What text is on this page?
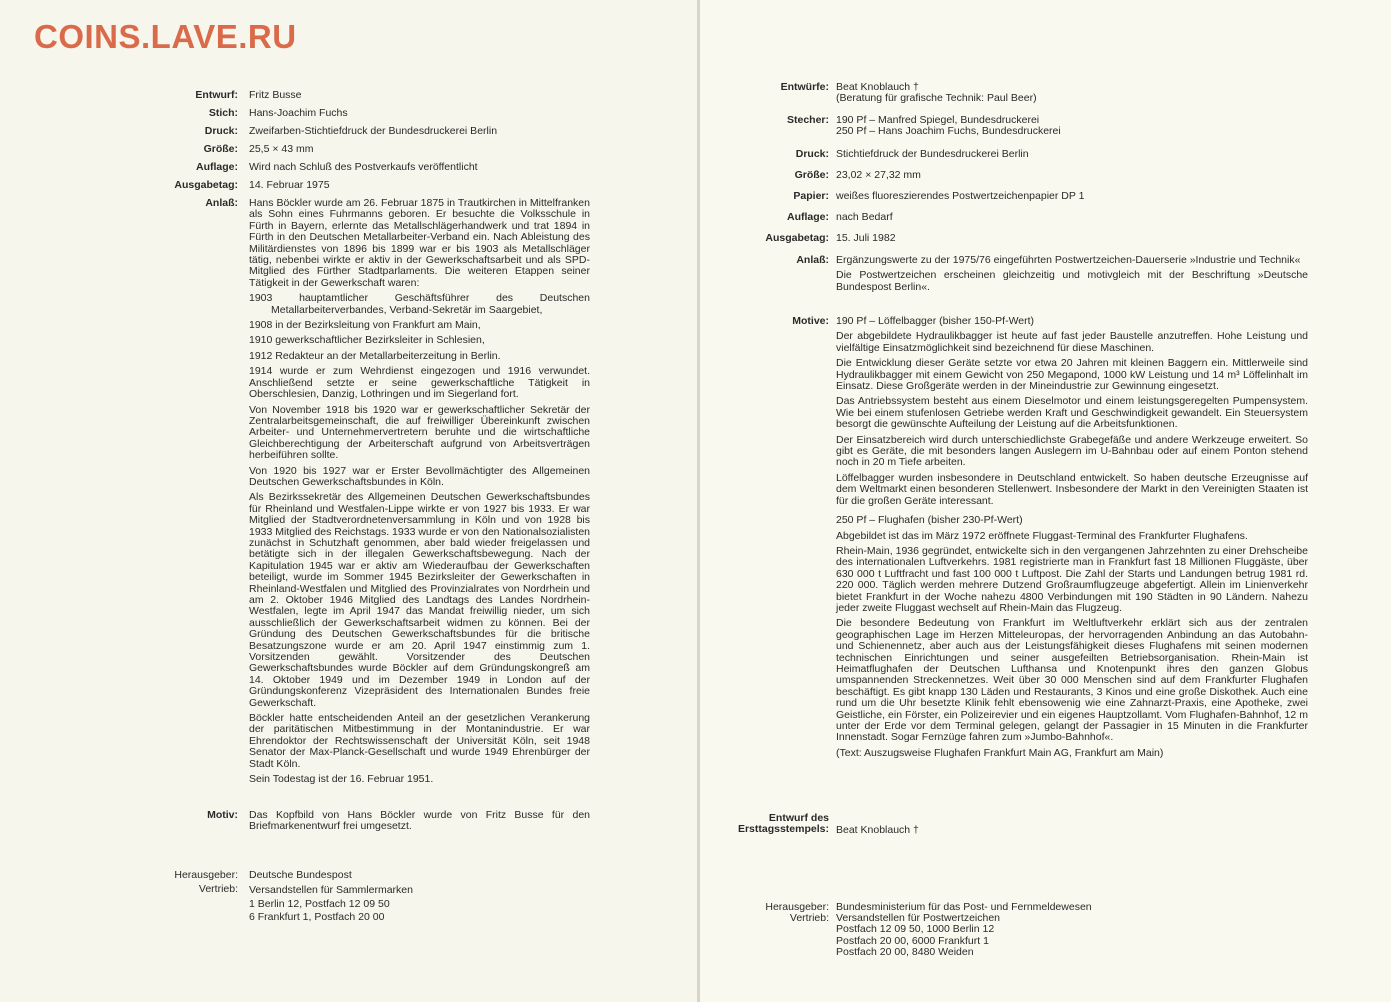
COINS.LAVE.RU
Entwurf: Fritz Busse
Stich: Hans-Joachim Fuchs
Druck: Zweifarben-Stichtiefdruck der Bundesdruckerei Berlin
Größe: 25,5 × 43 mm
Auflage: Wird nach Schluß des Postverkaufs veröffentlicht
Ausgabetag: 14. Februar 1975
Anlaß: Hans Böckler wurde am 26. Februar 1875 in Trautkirchen in Mittelfranken als Sohn eines Fuhrmanns geboren. Er besuchte die Volksschule in Fürth in Bayern, erlernte das Metallschlägerhandwerk und trat 1894 in Fürth in den Deutschen Metallarbeiter-Verband ein. Nach Ableistung des Militärdienstes von 1896 bis 1899 war er bis 1903 als Metallschläger tätig, nebenbei wirkte er aktiv in der Gewerkschaftsarbeit und als SPD-Mitglied des Fürther Stadtparlaments. Die weiteren Etappen seiner Tätigkeit in der Gewerkschaft waren:

1903 hauptamtlicher Geschäftsführer des Deutschen Metallarbeiterverbandes, Verband-Sekretär im Saargebiet,

1908 in der Bezirksleitung von Frankfurt am Main,

1910 gewerkschaftlicher Bezirksleiter in Schlesien,

1912 Redakteur an der Metallarbeiterzeitung in Berlin.

1914 wurde er zum Wehrdienst eingezogen und 1916 verwundet. Anschließend setzte er seine gewerkschaftliche Tätigkeit in Oberschlesien, Danzig, Lothringen und im Siegerland fort.

Von November 1918 bis 1920 war er gewerkschaftlicher Sekretär der Zentralarbeitsgemeinschaft, die auf freiwilliger Übereinkunft zwischen Arbeiter- und Unternehmervertretern beruhte und die wirtschaftliche Gleichberechtigung der Arbeiterschaft aufgrund von Arbeitsverträgen herbeiführen sollte.

Von 1920 bis 1927 war er Erster Bevollmächtigter des Allgemeinen Deutschen Gewerkschaftsbundes in Köln.

Als Bezirkssekretär des Allgemeinen Deutschen Gewerkschaftsbundes für Rheinland und Westfalen-Lippe wirkte er von 1927 bis 1933. Er war Mitglied der Stadtverordnetenversammlung in Köln und von 1928 bis 1933 Mitglied des Reichstags. 1933 wurde er von den Nationalsozialisten zunächst in Schutzhaft genommen, aber bald wieder freigelassen und betätigte sich in der illegalen Gewerkschaftsbewegung. Nach der Kapitulation 1945 war er aktiv am Wiederaufbau der Gewerkschaften beteiligt, wurde im Sommer 1945 Bezirksleiter der Gewerkschaften in Rheinland-Westfalen und Mitglied des Provinzialrates von Nordrhein und am 2. Oktober 1946 Mitglied des Landtags des Landes Nordrhein-Westfalen, legte im April 1947 das Mandat freiwillig nieder, um sich ausschließlich der Gewerkschaftsarbeit widmen zu können. Bei der Gründung des Deutschen Gewerkschaftsbundes für die britische Besatzungszone wurde er am 20. April 1947 einstimmig zum 1. Vorsitzenden gewählt. Vorsitzender des Deutschen Gewerkschaftsbundes wurde Böckler auf dem Gründungskongreß am 14. Oktober 1949 und im Dezember 1949 in London auf der Gründungskonferenz Vizepräsident des Internationalen Bundes freie Gewerkschaft.

Böckler hatte entscheidenden Anteil an der gesetzlichen Verankerung der paritätischen Mitbestimmung in der Montanindustrie. Er war Ehrendoktor der Rechtswissenschaft der Universität Köln, seit 1948 Senator der Max-Planck-Gesellschaft und wurde 1949 Ehrenbürger der Stadt Köln.

Sein Todestag ist der 16. Februar 1951.

Motiv: Das Kopfbild von Hans Böckler wurde von Fritz Busse für den Briefmarkenentwurf frei umgesetzt.
Herausgeber: Deutsche Bundespost
Vertrieb: Versandstellen für Sammlermarken
1 Berlin 12, Postfach 12 09 50
6 Frankfurt 1, Postfach 20 00
Entwürfe: Beat Knoblauch †
(Beratung für grafische Technik: Paul Beer)
Stecher: 190 Pf – Manfred Spiegel, Bundesdruckerei
250 Pf – Hans Joachim Fuchs, Bundesdruckerei
Druck: Stichtiefdruck der Bundesdruckerei Berlin
Größe: 23,02 × 27,32 mm
Papier: weißes fluoreszierendes Postwertzeichenpapier DP 1
Auflage: nach Bedarf
Ausgabetag: 15. Juli 1982
Anlaß: Ergänzungswerte zu der 1975/76 eingeführten Postwertzeichen-Dauerserie »Industrie und Technik«

Die Postwertzeichen erscheinen gleichzeitig und motivgleich mit der Beschriftung »Deutsche Bundespost Berlin«.

Motive: 190 Pf – Löffelbagger (bisher 150-Pf-Wert)

Der abgebildete Hydraulikbagger ist heute auf fast jeder Baustelle anzutreffen. Hohe Leistung und vielfältige Einsatzmöglichkeit sind bezeichnend für diese Maschinen.

Die Entwicklung dieser Geräte setzte vor etwa 20 Jahren mit kleinen Baggern ein. Mittlerweile sind Hydraulikbagger mit einem Gewicht von 250 Megapond, 1000 kW Leistung und 14 m³ Löffelinhalt im Einsatz. Diese Großgeräte werden in der Mineindustrie zur Gewinnung eingesetzt.

Das Antriebssystem besteht aus einem Dieselmotor und einem leistungsgeregelten Pumpensystem. Wie bei einem stufenlosen Getriebe werden Kraft und Geschwindigkeit gewandelt. Ein Steuersystem besorgt die gewünschte Aufteilung der Leistung auf die Arbeitsfunktionen.

Der Einsatzbereich wird durch unterschiedlichste Grabegefäße und andere Werkzeuge erweitert. So gibt es Geräte, die mit besonders langen Auslegern im U-Bahnbau oder auf einem Ponton stehend noch in 20 m Tiefe arbeiten.

Löffelbagger wurden insbesondere in Deutschland entwickelt. So haben deutsche Erzeugnisse auf dem Weltmarkt einen besonderen Stellenwert. Insbesondere der Markt in den Vereinigten Staaten ist für die großen Geräte interessant.

250 Pf – Flughafen (bisher 230-Pf-Wert)

Abgebildet ist das im März 1972 eröffnete Fluggast-Terminal des Frankfurter Flughafens.

Rhein-Main, 1936 gegründet, entwickelte sich in den vergangenen Jahrzehnten zu einer Drehscheibe des internationalen Luftverkehrs. 1981 registrierte man in Frankfurt fast 18 Millionen Fluggäste, über 630 000 t Luftfracht und fast 100 000 t Luftpost. Die Zahl der Starts und Landungen betrug 1981 rd. 220 000. Täglich werden mehrere Dutzend Großraumflugzeuge abgefertigt. Allein im Linienverkehr bietet Frankfurt in der Woche nahezu 4800 Verbindungen mit 190 Städten in 90 Ländern. Nahezu jeder zweite Fluggast wechselt auf Rhein-Main das Flugzeug.

Die besondere Bedeutung von Frankfurt im Weltluftverkehr erklärt sich aus der zentralen geographischen Lage im Herzen Mitteleuropas, der hervorragenden Anbindung an das Autobahn- und Schienennetz, aber auch aus der Leistungsfähigkeit dieses Flughafens mit seinen modernen technischen Einrichtungen und seiner ausgefeilten Betriebsorganisation. Rhein-Main ist Heimatflughafen der Deutschen Lufthansa und Knotenpunkt ihres den ganzen Globus umspannenden Streckennetzes. Weit über 30 000 Menschen sind auf dem Frankfurter Flughafen beschäftigt. Es gibt knapp 130 Läden und Restaurants, 3 Kinos und eine große Diskothek. Auch eine rund um die Uhr besetzte Klinik fehlt ebensowenig wie eine Zahnarzt-Praxis, eine Apotheke, zwei Geistliche, ein Förster, ein Polizeirevier und ein eigenes Hauptzollamt. Vom Flughafen-Bahnhof, 12 m unter der Erde vor dem Terminal gelegen, gelangt der Passagier in 15 Minuten in die Frankfurter Innenstadt. Sogar Fernzüge fahren zum »Jumbo-Bahnhof«.

(Text: Auszugsweise Flughafen Frankfurt Main AG, Frankfurt am Main)

Entwurf des
Ersttagsstempels: Beat Knoblauch †
Herausgeber: Bundesministerium für das Post- und Fernmeldewesen
Vertrieb: Versandstellen für Postwertzeichen
Postfach 12 09 50, 1000 Berlin 12
Postfach 20 00, 6000 Frankfurt 1
Postfach 20 00, 8480 Weiden
